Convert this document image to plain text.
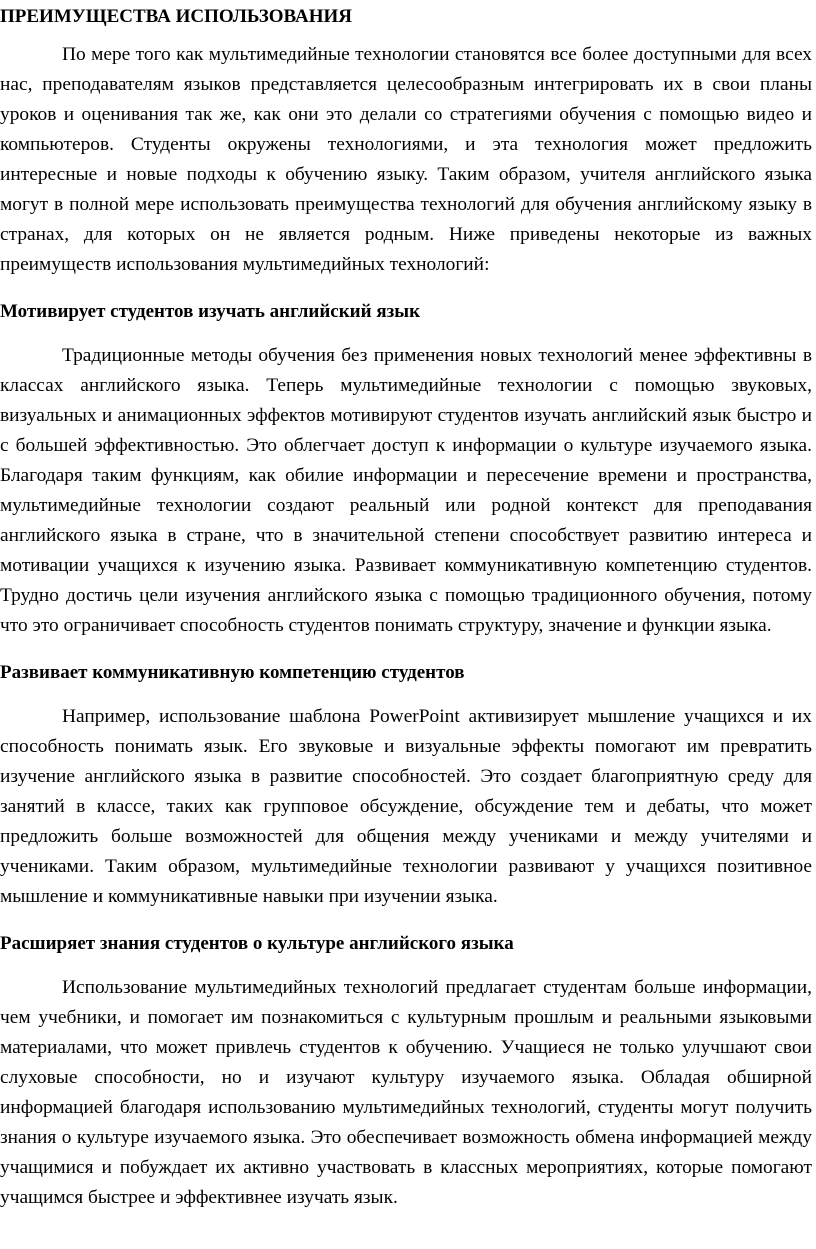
ПРЕИМУЩЕСТВА ИСПОЛЬЗОВАНИЯ

По мере того как мультимедийные технологии становятся все более доступными для всех нас, преподавателям языков представляется целесообразным интегрировать их в свои планы уроков и оценивания так же, как они это делали со стратегиями обучения с помощью видео и компьютеров. Студенты окружены технологиями, и эта технология может предложить интересные и новые подходы к обучению языку. Таким образом, учителя английского языка могут в полной мере использовать преимущества технологий для обучения английскому языку в странах, для которых он не является родным. Ниже приведены некоторые из важных преимуществ использования мультимедийных технологий:

Мотивирует студентов изучать английский язык

Традиционные методы обучения без применения новых технологий менее эффективны в классах английского языка. Теперь мультимедийные технологии с помощью звуковых, визуальных и анимационных эффектов мотивируют студентов изучать английский язык быстро и с большей эффективностью. Это облегчает доступ к информации о культуре изучаемого языка. Благодаря таким функциям, как обилие информации и пересечение времени и пространства, мультимедийные технологии создают реальный или родной контекст для преподавания английского языка в стране, что в значительной степени способствует развитию интереса и мотивации учащихся к изучению языка. Развивает коммуникативную компетенцию студентов. Трудно достичь цели изучения английского языка с помощью традиционного обучения, потому что это ограничивает способность студентов понимать структуру, значение и функции языка.

Развивает коммуникативную компетенцию студентов

Например, использование шаблона PowerPoint активизирует мышление учащихся и их способность понимать язык. Его звуковые и визуальные эффекты помогают им превратить изучение английского языка в развитие способностей. Это создает благоприятную среду для занятий в классе, таких как групповое обсуждение, обсуждение тем и дебаты, что может предложить больше возможностей для общения между учениками и между учителями и учениками. Таким образом, мультимедийные технологии развивают у учащихся позитивное мышление и коммуникативные навыки при изучении языка.

Расширяет знания студентов о культуре английского языка

Использование мультимедийных технологий предлагает студентам больше информации, чем учебники, и помогает им познакомиться с культурным прошлым и реальными языковыми материалами, что может привлечь студентов к обучению. Учащиеся не только улучшают свои слуховые способности, но и изучают культуру изучаемого языка. Обладая обширной информацией благодаря использованию мультимедийных технологий, студенты могут получить знания о культуре изучаемого языка. Это обеспечивает возможность обмена информацией между учащимися и побуждает их активно участвовать в классных мероприятиях, которые помогают учащимся быстрее и эффективнее изучать язык.
